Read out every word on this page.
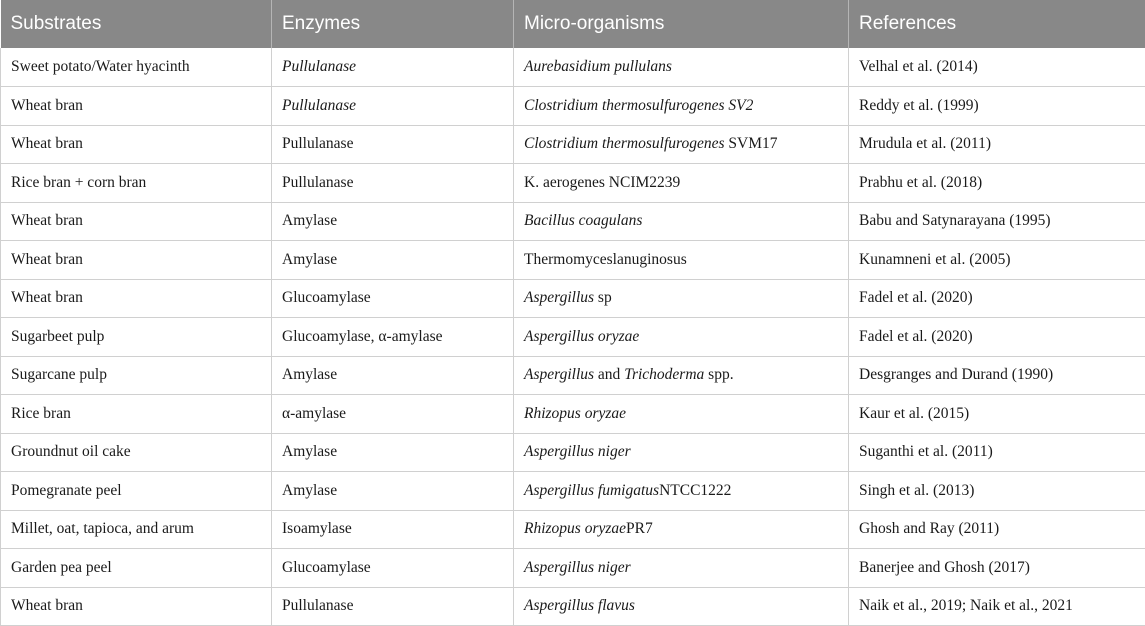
Substrates	Enzymes	Micro-organisms	References
Sweet potato/Water hyacinth	Pullulanase	Aurebasidium pullulans	Velhal et al. (2014)
Wheat bran	Pullulanase	Clostridium thermosulfurogenes SV2	Reddy et al. (1999)
Wheat bran	Pullulanase	Clostridium thermosulfurogenes SVM17	Mrudula et al. (2011)
Rice bran + corn bran	Pullulanase	K. aerogenes NCIM2239	Prabhu et al. (2018)
Wheat bran	Amylase	Bacillus coagulans	Babu and Satynarayana (1995)
Wheat bran	Amylase	Thermomyceslanuginosus	Kunamneni et al. (2005)
Wheat bran	Glucoamylase	Aspergillus sp	Fadel et al. (2020)
Sugarbeet pulp	Glucoamylase, α-amylase	Aspergillus oryzae	Fadel et al. (2020)
Sugarcane pulp	Amylase	Aspergillus and Trichoderma spp.	Desgranges and Durand (1990)
Rice bran	α-amylase	Rhizopus oryzae	Kaur et al. (2015)
Groundnut oil cake	Amylase	Aspergillus niger	Suganthi et al. (2011)
Pomegranate peel	Amylase	Aspergillus fumigatusNTCC1222	Singh et al. (2013)
Millet, oat, tapioca, and arum	Isoamylase	Rhizopus oryzaePR7	Ghosh and Ray (2011)
Garden pea peel	Glucoamylase	Aspergillus niger	Banerjee and Ghosh (2017)
Wheat bran	Pullulanase	Aspergillus flavus	Naik et al., 2019; Naik et al., 2021
